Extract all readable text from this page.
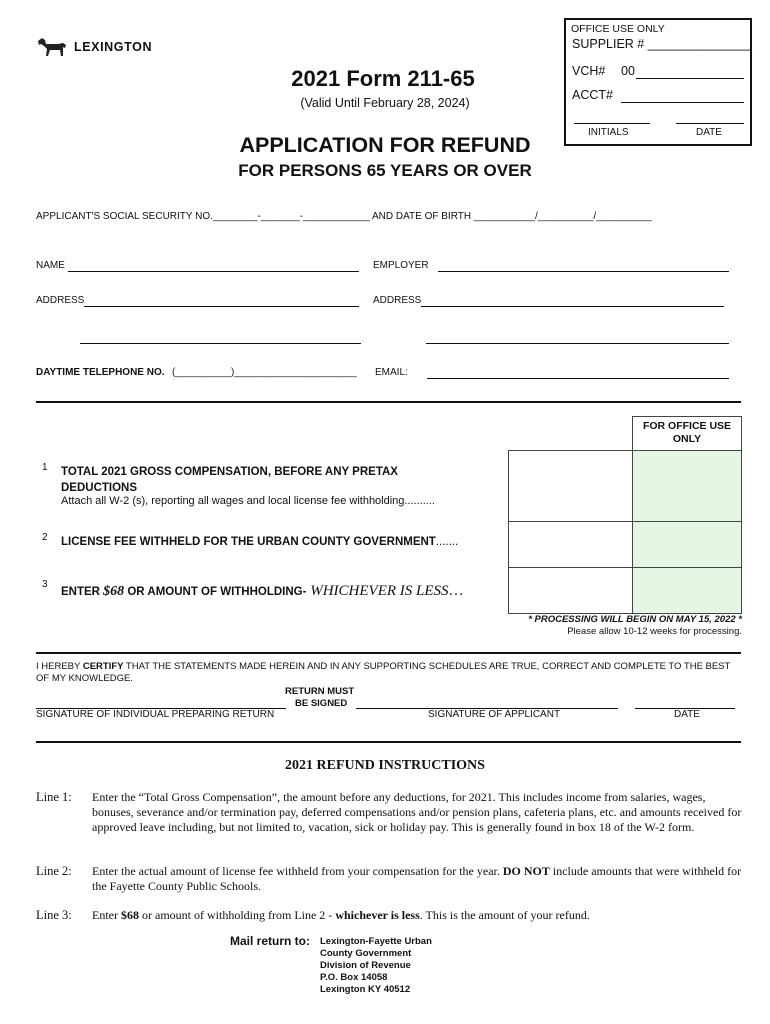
LEXINGTON
OFFICE USE ONLY
SUPPLIER # _______________
VCH# 00
ACCT#
INITIALS	DATE
2021 Form 211-65
(Valid Until February 28, 2024)
APPLICATION FOR REFUND
FOR PERSONS 65 YEARS OR OVER
APPLICANT'S SOCIAL SECURITY NO.________-_______-____________ AND DATE OF BIRTH ___________/__________/__________
NAME	EMPLOYER
ADDRESS	ADDRESS
DAYTIME TELEPHONE NO. (__________)______________________ EMAIL:
FOR OFFICE USE ONLY
1 TOTAL 2021 GROSS COMPENSATION, BEFORE ANY PRETAX DEDUCTIONS
Attach all W-2 (s), reporting all wages and local license fee withholding..........
2 LICENSE FEE WITHHELD FOR THE URBAN COUNTY GOVERNMENT.......
3
ENTER $68 OR AMOUNT OF WITHHOLDING- WHICHEVER IS LESS…
* PROCESSING WILL BEGIN ON MAY 15, 2022 *
Please allow 10-12 weeks for processing.
I HEREBY CERTIFY THAT THE STATEMENTS MADE HEREIN AND IN ANY SUPPORTING SCHEDULES ARE TRUE, CORRECT AND COMPLETE TO THE BEST OF MY KNOWLEDGE.
RETURN MUST
BE SIGNED
SIGNATURE OF INDIVIDUAL PREPARING RETURN	SIGNATURE OF APPLICANT	DATE
2021 REFUND INSTRUCTIONS
Line 1: Enter the “Total Gross Compensation”, the amount before any deductions, for 2021. This includes income from salaries, wages, bonuses, severance and/or termination pay, deferred compensations and/or pension plans, cafeteria plans, etc. and amounts received for approved leave including, but not limited to, vacation, sick or holiday pay. This is generally found in box 18 of the W-2 form.
Line 2: Enter the actual amount of license fee withheld from your compensation for the year. DO NOT include amounts that were withheld for the Fayette County Public Schools.
Line 3: Enter $68 or amount of withholding from Line 2 - whichever is less. This is the amount of your refund.
Mail return to: Lexington-Fayette Urban
County Government
Division of Revenue
P.O. Box 14058
Lexington KY 40512
